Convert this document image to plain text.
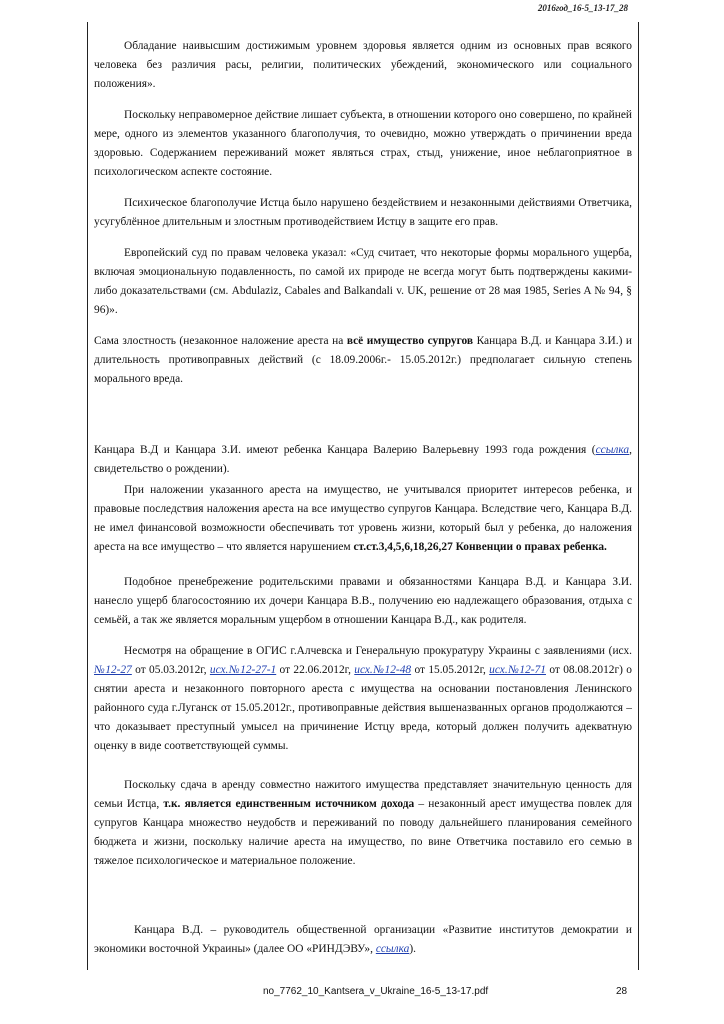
2016год_16-5_13-17_28

Обладание наивысшим достижимым уровнем здоровья является одним из основных прав всякого человека без различия расы, религии, политических убеждений, экономического или социального положения».

Поскольку неправомерное действие лишает субъекта, в отношении которого оно совершено, по крайней мере, одного из элементов указанного благополучия, то очевидно, можно утверждать о причинении вреда здоровью. Содержанием переживаний может являться страх, стыд, унижение, иное неблагоприятное в психологическом аспекте состояние.

Психическое благополучие Истца было нарушено бездействием и незаконными действиями Ответчика, усугублённое длительным и злостным противодействием Истцу в защите его прав.

Европейский суд по правам человека указал: «Суд считает, что некоторые формы морального ущерба, включая эмоциональную подавленность, по самой их природе не всегда могут быть подтверждены какими-либо доказательствами (см. Abdulaziz, Cabales and Balkandali v. UK, решение от 28 мая 1985, Series A № 94, § 96)».

Сама злостность (незаконное наложение ареста на всё имущество супругов Канцара В.Д. и Канцара З.И.) и длительность противоправных действий (с 18.09.2006г.- 15.05.2012г.) предполагает сильную степень морального вреда.

Канцара В.Д и Канцара З.И. имеют ребенка Канцара Валерию Валерьевну 1993 года рождения (ссылка, свидетельство о рождении).

При наложении указанного ареста на имущество, не учитывался приоритет интересов ребенка, и правовые последствия наложения ареста на все имущество супругов Канцара. Вследствие чего, Канцара В.Д. не имел финансовой возможности обеспечивать тот уровень жизни, который был у ребенка, до наложения ареста на все имущество – что является нарушением ст.ст.3,4,5,6,18,26,27 Конвенции о правах ребенка.

Подобное пренебрежение родительскими правами и обязанностями Канцара В.Д. и Канцара З.И. нанесло ущерб благосостоянию их дочери Канцара В.В., получению ею надлежащего образования, отдыха с семьёй, а так же является моральным ущербом в отношении Канцара В.Д., как родителя.

Несмотря на обращение в ОГИС г.Алчевска и Генеральную прокуратуру Украины с заявлениями (исх.№12-27 от 05.03.2012г, исх.№12-27-1 от 22.06.2012г, исх.№12-48 от 15.05.2012г, исх.№12-71 от 08.08.2012г) о снятии ареста и незаконного повторного ареста с имущества на основании постановления Ленинского районного суда г.Луганск от 15.05.2012г., противоправные действия вышеназванных органов продолжаются – что доказывает преступный умысел на причинение Истцу вреда, который должен получить адекватную оценку в виде соответствующей суммы.

Поскольку сдача в аренду совместно нажитого имущества представляет значительную ценность для семьи Истца, т.к. является единственным источником дохода – незаконный арест имущества повлек для супругов Канцара множество неудобств и переживаний по поводу дальнейшего планирования семейного бюджета и жизни, поскольку наличие ареста на имущество, по вине Ответчика поставило его семью в тяжелое психологическое и материальное положение.

Канцара В.Д. – руководитель общественной организации «Развитие институтов демократии и экономики восточной Украины» (далее ОО «РИНДЭВУ», ссылка).

no_7762_10_Kantsera_v_Ukraine_16-5_13-17.pdf	28
